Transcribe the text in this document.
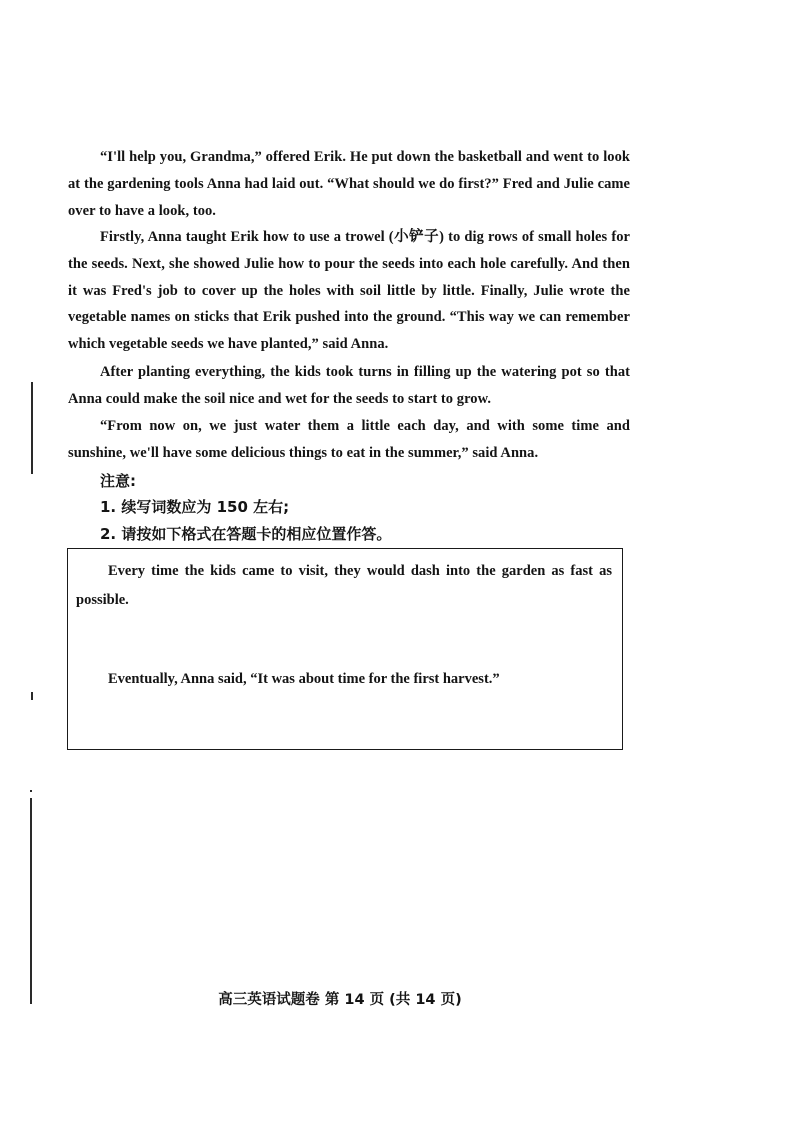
“I'll help you, Grandma,” offered Erik. He put down the basketball and went to look at the gardening tools Anna had laid out. “What should we do first?” Fred and Julie came over to have a look, too.

Firstly, Anna taught Erik how to use a trowel (小铲子) to dig rows of small holes for the seeds. Next, she showed Julie how to pour the seeds into each hole carefully. And then it was Fred's job to cover up the holes with soil little by little. Finally, Julie wrote the vegetable names on sticks that Erik pushed into the ground. “This way we can remember which vegetable seeds we have planted,” said Anna.

After planting everything, the kids took turns in filling up the watering pot so that Anna could make the soil nice and wet for the seeds to start to grow.

“From now on, we just water them a little each day, and with some time and sunshine, we'll have some delicious things to eat in the summer,” said Anna.

注意:

1. 续写词数应为 150 左右;

2. 请按如下格式在答题卡的相应位置作答。

Every time the kids came to visit, they would dash into the garden as fast as possible.

Eventually, Anna said, “It was about time for the first harvest.”

高三英语试题卷 第 14 页 (共 14 页)
